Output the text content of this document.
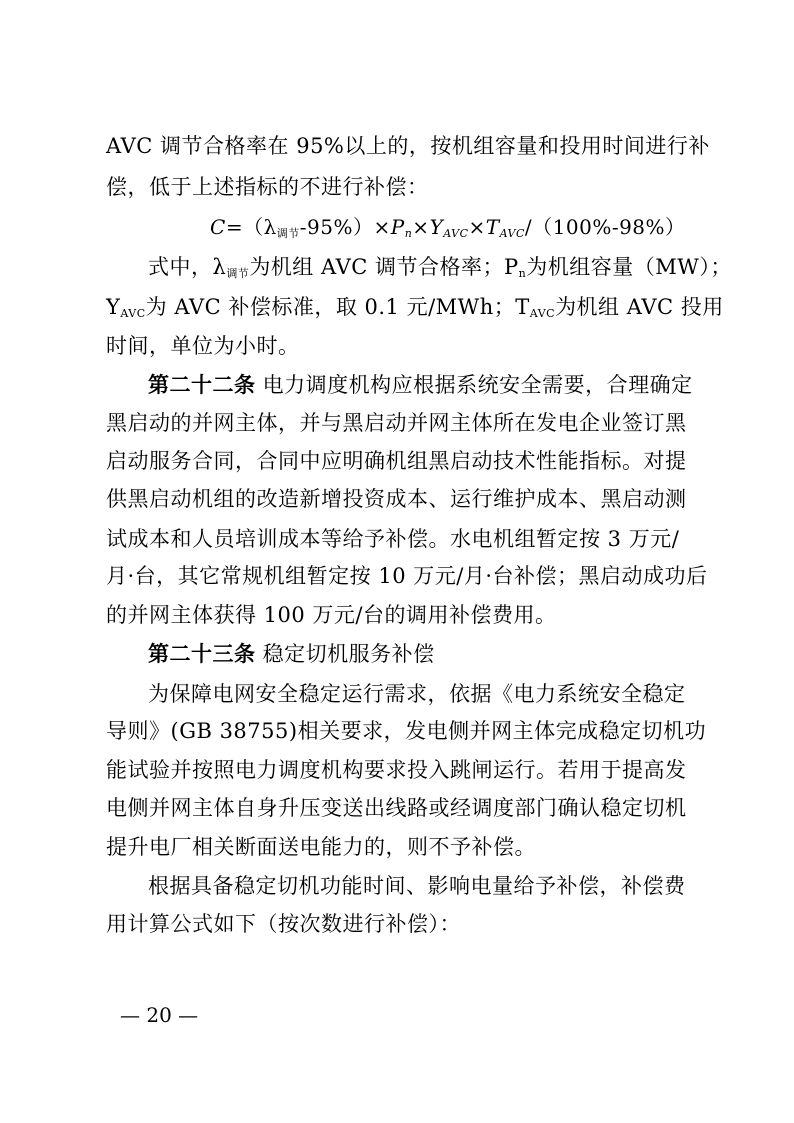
AVC 调节合格率在 95%以上的，按机组容量和投用时间进行补
偿，低于上述指标的不进行补偿：
$C=(\lambda_{调节}-95\%)\times P_n\times Y_{AVC}\times T_{AVC}/(100\%-98\%)$
式中，$\lambda_{调节}$为机组 AVC 调节合格率；$P_n$为机组容量（MW）；
$Y_{AVC}$为 AVC 补偿标准，取 0.1 元/MWh；$T_{AVC}$为机组 AVC 投用
时间，单位为小时。
第二十二条 电力调度机构应根据系统安全需要，合理确定
黑启动的并网主体，并与黑启动并网主体所在发电企业签订黑
启动服务合同，合同中应明确机组黑启动技术性能指标。对提
供黑启动机组的改造新增投资成本、运行维护成本、黑启动测
试成本和人员培训成本等给予补偿。水电机组暂定按 3 万元/
月·台，其它常规机组暂定按 10 万元/月·台补偿；黑启动成功后
的并网主体获得 100 万元/台的调用补偿费用。
第二十三条 稳定切机服务补偿
为保障电网安全稳定运行需求，依据《电力系统安全稳定
导则》(GB 38755)相关要求，发电侧并网主体完成稳定切机功
能试验并按照电力调度机构要求投入跳闸运行。若用于提高发
电侧并网主体自身升压变送出线路或经调度部门确认稳定切机
提升电厂相关断面送电能力的，则不予补偿。
根据具备稳定切机功能时间、影响电量给予补偿，补偿费
用计算公式如下（按次数进行补偿）：
— 20 —
